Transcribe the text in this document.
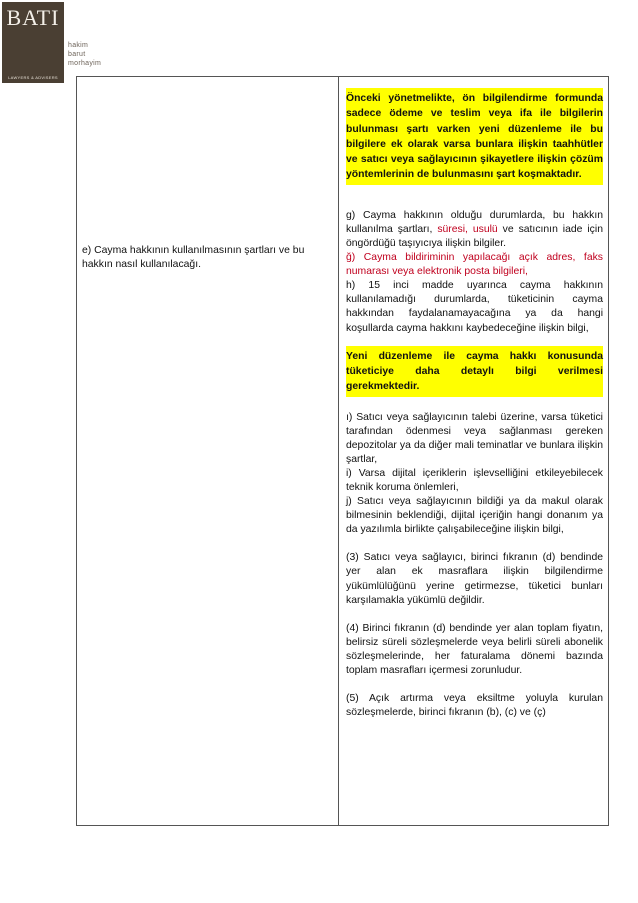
BATI
LAWYERS & ADVISERS
hakim
barut
morhayim
e) Cayma hakkının kullanılmasının şartları ve bu hakkın nasıl kullanılacağı.

Önceki yönetmelikte, ön bilgilendirme formunda sadece ödeme ve teslim veya ifa ile bilgilerin bulunması şartı varken yeni düzenleme ile bu bilgilere ek olarak varsa bunlara ilişkin taahhütler ve satıcı veya sağlayıcının şikayetlere ilişkin çözüm yöntemlerinin de bulunmasını şart koşmaktadır.

g) Cayma hakkının olduğu durumlarda, bu hakkın kullanılma şartları, süresi, usulü ve satıcının iade için öngördüğü taşıyıcıya ilişkin bilgiler.

ğ) Cayma bildiriminin yapılacağı açık adres, faks numarası veya elektronik posta bilgileri,

h) 15 inci madde uyarınca cayma hakkının kullanılamadığı durumlarda, tüketicinin cayma hakkından faydalanamayacağına ya da hangi koşullarda cayma hakkını kaybedeceğine ilişkin bilgi,

Yeni düzenleme ile cayma hakkı konusunda tüketiciye daha detaylı bilgi verilmesi gerekmektedir.

ı) Satıcı veya sağlayıcının talebi üzerine, varsa tüketici tarafından ödenmesi veya sağlanması gereken depozitolar ya da diğer mali teminatlar ve bunlara ilişkin şartlar,

i) Varsa dijital içeriklerin işlevselliğini etkileyebilecek teknik koruma önlemleri,

j) Satıcı veya sağlayıcının bildiği ya da makul olarak bilmesinin beklendiği, dijital içeriğin hangi donanım ya da yazılımla birlikte çalışabileceğine ilişkin bilgi,

(3) Satıcı veya sağlayıcı, birinci fıkranın (d) bendinde yer alan ek masraflara ilişkin bilgilendirme yükümlülüğünü yerine getirmezse, tüketici bunları karşılamakla yükümlü değildir.

(4) Birinci fıkranın (d) bendinde yer alan toplam fiyatın, belirsiz süreli sözleşmelerde veya belirli süreli abonelik sözleşmelerinde, her faturalama dönemi bazında toplam masrafları içermesi zorunludur.

(5) Açık artırma veya eksiltme yoluyla kurulan sözleşmelerde, birinci fıkranın (b), (c) ve (ç)
